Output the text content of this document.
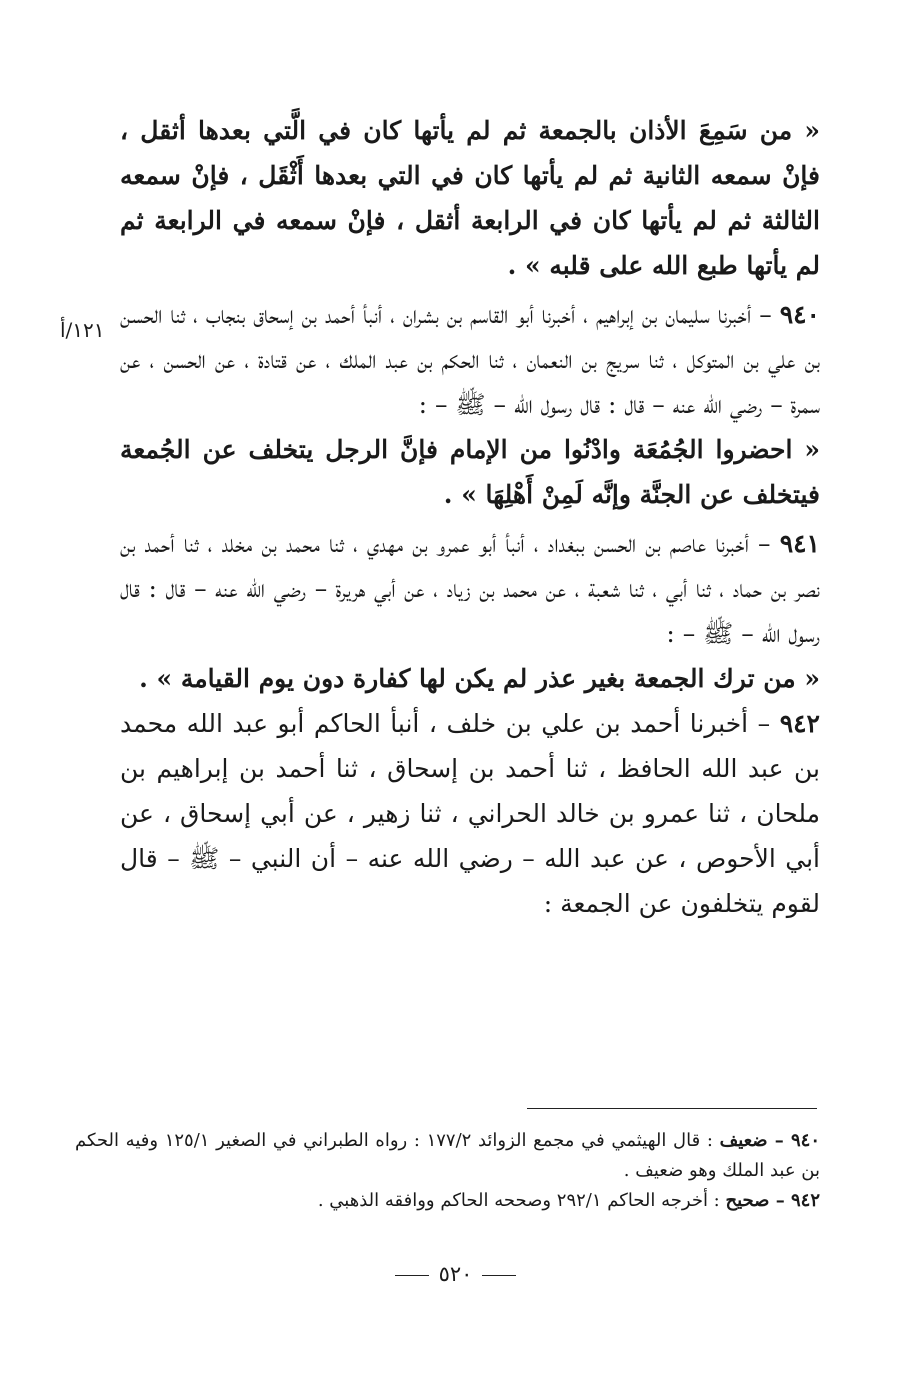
١٢١/أ

« من سَمِعَ الأذان بالجمعة ثم لم يأتها كان في الَّتي بعدها أثقل ، فإنْ سمعه الثانية ثم لم يأتها كان في التي بعدها أَثْقَل ، فإنْ سمعه الثالثة ثم لم يأتها كان في الرابعة أثقل ، فإنْ سمعه في الرابعة ثم لم يأتها طبع الله على قلبه » .

٩٤٠ – أخبرنا سليمان بن إبراهيم ، أخبرنا أبو القاسم بن بشران ، أنبأ أحمد بن إسحاق بنجاب ، ثنا الحسن بن علي بن المتوكل ، ثنا سريج بن النعمان ، ثنا الحكم بن عبد الملك ، عن قتادة ، عن الحسن ، عن سمرة – رضي الله عنه – قال : قال رسول الله – ﷺ – :

« احضروا الجُمُعَة وادْنُوا من الإمام فإنَّ الرجل يتخلف عن الجُمعة فيتخلف عن الجنَّة وإنَّه لَمِنْ أَهْلِهَا » .

٩٤١ – أخبرنا عاصم بن الحسن ببغداد ، أنبأ أبو عمرو بن مهدي ، ثنا محمد بن مخلد ، ثنا أحمد بن نصر بن حماد ، ثنا أبي ، ثنا شعبة ، عن محمد بن زياد ، عن أبي هريرة – رضي الله عنه – قال : قال رسول الله – ﷺ – :

« من ترك الجمعة بغير عذر لم يكن لها كفارة دون يوم القيامة » .

٩٤٢ – أخبرنا أحمد بن علي بن خلف ، أنبأ الحاكم أبو عبد الله محمد بن عبد الله الحافظ ، ثنا أحمد بن إسحاق ، ثنا أحمد بن إبراهيم بن ملحان ، ثنا عمرو بن خالد الحراني ، ثنا زهير ، عن أبي إسحاق ، عن أبي الأحوص ، عن عبد الله – رضي الله عنه – أن النبي – ﷺ – قال لقوم يتخلفون عن الجمعة :

٩٤٠ – ضعيف : قال الهيثمي في مجمع الزوائد ١٧٧/٢ : رواه الطبراني في الصغير ١٢٥/١ وفيه الحكم بن عبد الملك وهو ضعيف .

٩٤٢ – صحيح : أخرجه الحاكم ٢٩٢/١ وصححه الحاكم ووافقه الذهبي .

٥٢٠
